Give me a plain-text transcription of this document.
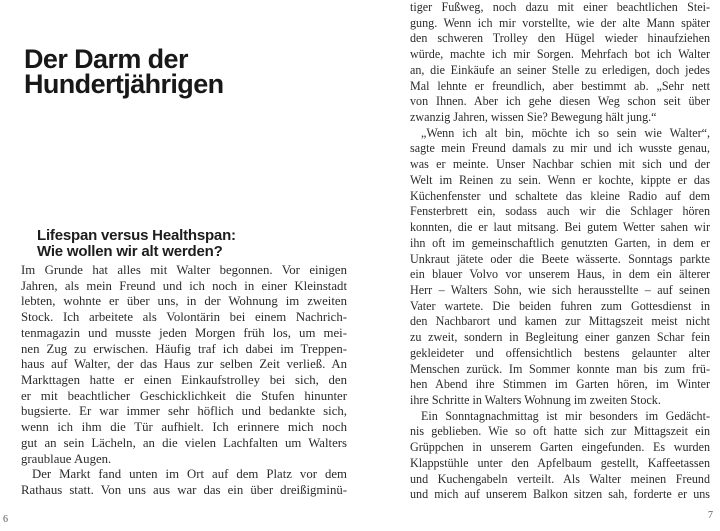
Der Darm der
Hundertjährigen
Lifespan versus Healthspan:
Wie wollen wir alt werden?
Im Grunde hat alles mit Walter begonnen. Vor einigen
Jahren, als mein Freund und ich noch in einer Kleinstadt
lebten, wohnte er über uns, in der Wohnung im zweiten
Stock. Ich arbeitete als Volontärin bei einem Nachrich-
tenmagazin und musste jeden Morgen früh los, um mei-
nen Zug zu erwischen. Häufig traf ich dabei im Treppen-
haus auf Walter, der das Haus zur selben Zeit verließ. An
Markttagen hatte er einen Einkaufstrolley bei sich, den
er mit beachtlicher Geschicklichkeit die Stufen hinunter
bugsierte. Er war immer sehr höflich und bedankte sich,
wenn ich ihm die Tür aufhielt. Ich erinnere mich noch
gut an sein Lächeln, an die vielen Lachfalten um Walters
graublaue Augen.
Der Markt fand unten im Ort auf dem Platz vor dem
Rathaus statt. Von uns aus war das ein über dreißigminü-
6
tiger Fußweg, noch dazu mit einer beachtlichen Stei-
gung. Wenn ich mir vorstellte, wie der alte Mann später
den schweren Trolley den Hügel wieder hinaufziehen
würde, machte ich mir Sorgen. Mehrfach bot ich Walter
an, die Einkäufe an seiner Stelle zu erledigen, doch jedes
Mal lehnte er freundlich, aber bestimmt ab. „Sehr nett
von Ihnen. Aber ich gehe diesen Weg schon seit über
zwanzig Jahren, wissen Sie? Bewegung hält jung.“
„Wenn ich alt bin, möchte ich so sein wie Walter“,
sagte mein Freund damals zu mir und ich wusste genau,
was er meinte. Unser Nachbar schien mit sich und der
Welt im Reinen zu sein. Wenn er kochte, kippte er das
Küchenfenster und schaltete das kleine Radio auf dem
Fensterbrett ein, sodass auch wir die Schlager hören
konnten, die er laut mitsang. Bei gutem Wetter sahen wir
ihn oft im gemeinschaftlich genutzten Garten, in dem er
Unkraut jätete oder die Beete wässerte. Sonntags parkte
ein blauer Volvo vor unserem Haus, in dem ein älterer
Herr – Walters Sohn, wie sich herausstellte – auf seinen
Vater wartete. Die beiden fuhren zum Gottesdienst in
den Nachbarort und kamen zur Mittagszeit meist nicht
zu zweit, sondern in Begleitung einer ganzen Schar fein
gekleideter und offensichtlich bestens gelaunter alter
Menschen zurück. Im Sommer konnte man bis zum frü-
hen Abend ihre Stimmen im Garten hören, im Winter
ihre Schritte in Walters Wohnung im zweiten Stock.
Ein Sonntagnachmittag ist mir besonders im Gedächt-
nis geblieben. Wie so oft hatte sich zur Mittagszeit ein
Grüppchen in unserem Garten eingefunden. Es wurden
Klappstühle unter den Apfelbaum gestellt, Kaffeetassen
und Kuchengabeln verteilt. Als Walter meinen Freund
und mich auf unserem Balkon sitzen sah, forderte er uns
7
